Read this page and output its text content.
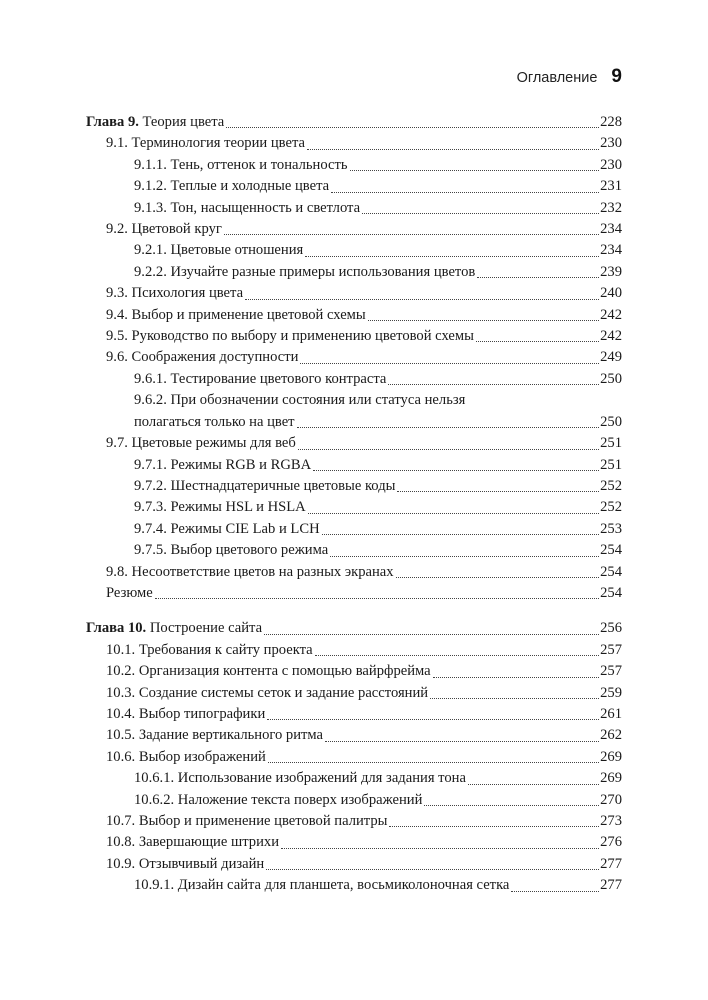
Оглавление 9
Глава 9. Теория цвета	228
9.1. Терминология теории цвета	230
9.1.1. Тень, оттенок и тональность	230
9.1.2. Теплые и холодные цвета	231
9.1.3. Тон, насыщенность и светлота	232
9.2. Цветовой круг	234
9.2.1. Цветовые отношения	234
9.2.2. Изучайте разные примеры использования цветов	239
9.3. Психология цвета	240
9.4. Выбор и применение цветовой схемы	242
9.5. Руководство по выбору и применению цветовой схемы	242
9.6. Соображения доступности	249
9.6.1. Тестирование цветового контраста	250
9.6.2. При обозначении состояния или статуса нельзя
полагаться только на цвет	250
9.7. Цветовые режимы для веб	251
9.7.1. Режимы RGB и RGBA	251
9.7.2. Шестнадцатеричные цветовые коды	252
9.7.3. Режимы HSL и HSLA	252
9.7.4. Режимы CIE Lab и LCH	253
9.7.5. Выбор цветового режима	254
9.8. Несоответствие цветов на разных экранах	254
Резюме	254
Глава 10. Построение сайта	256
10.1. Требования к сайту проекта	257
10.2. Организация контента с помощью вайрфрейма	257
10.3. Создание системы сеток и задание расстояний	259
10.4. Выбор типографики	261
10.5. Задание вертикального ритма	262
10.6. Выбор изображений	269
10.6.1. Использование изображений для задания тона	269
10.6.2. Наложение текста поверх изображений	270
10.7. Выбор и применение цветовой палитры	273
10.8. Завершающие штрихи	276
10.9. Отзывчивый дизайн	277
10.9.1. Дизайн сайта для планшета, восьмиколоночная сетка	277
